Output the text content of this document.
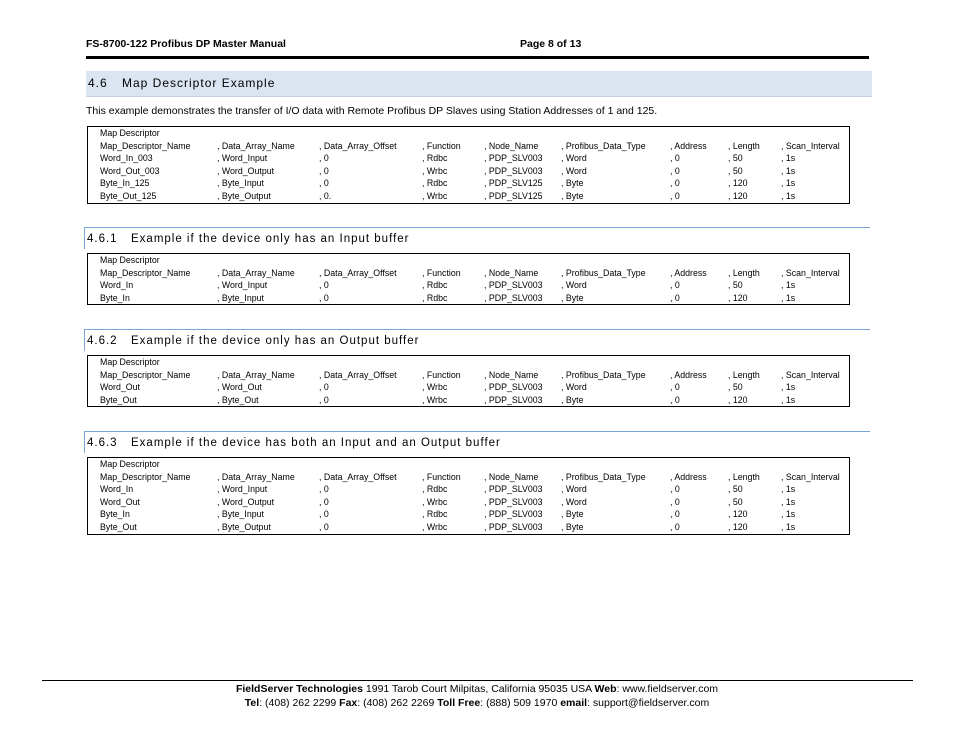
FS-8700-122 Profibus DP Master Manual	Page 8 of 13
4.6 Map Descriptor Example
This example demonstrates the transfer of I/O data with Remote Profibus DP Slaves using Station Addresses of 1 and 125.
Map Descriptor
Map_Descriptor_Name	, Data_Array_Name	, Data_Array_Offset	, Function	, Node_Name	, Profibus_Data_Type	, Address , Length , Scan_Interval
Word_In_003	, Word_Input	, 0	, Rdbc	, PDP_SLV003 , Word	, 0	, 50	, 1s
Word_Out_003	, Word_Output	, 0	, Wrbc	, PDP_SLV003 , Word	, 0	, 50	, 1s
Byte_In_125	, Byte_Input	, 0	, Rdbc	, PDP_SLV125 , Byte	, 0	, 120	, 1s
Byte_Out_125	, Byte_Output	, 0.	, Wrbc	, PDP_SLV125 , Byte	, 0	, 120	, 1s
4.6.1 Example if the device only has an Input buffer
Map Descriptor
Map_Descriptor_Name	, Data_Array_Name	, Data_Array_Offset	, Function	, Node_Name	, Profibus_Data_Type	, Address , Length , Scan_Interval
Word_In	, Word_Input	, 0	, Rdbc	, PDP_SLV003 , Word	, 0	, 50	, 1s
Byte_In	, Byte_Input	, 0	, Rdbc	, PDP_SLV003 , Byte	, 0	, 120	, 1s
4.6.2 Example if the device only has an Output buffer
Map Descriptor
Map_Descriptor_Name	, Data_Array_Name	, Data_Array_Offset	, Function	, Node_Name	, Profibus_Data_Type	, Address , Length , Scan_Interval
Word_Out	, Word_Out	, 0	, Wrbc	, PDP_SLV003 , Word	, 0	, 50	, 1s
Byte_Out	, Byte_Out	, 0	, Wrbc	, PDP_SLV003 , Byte	, 0	, 120	, 1s
4.6.3 Example if the device has both an Input and an Output buffer
Map Descriptor
Map_Descriptor_Name	, Data_Array_Name	, Data_Array_Offset	, Function	, Node_Name	, Profibus_Data_Type	, Address , Length , Scan_Interval
Word_In	, Word_Input	, 0	, Rdbc	, PDP_SLV003 , Word	, 0	, 50	, 1s
Word_Out	, Word_Output	, 0	, Wrbc	, PDP_SLV003 , Word	, 0	, 50	, 1s
Byte_In	, Byte_Input	, 0	, Rdbc	, PDP_SLV003 , Byte	, 0	, 120	, 1s
Byte_Out	, Byte_Output	, 0	, Wrbc	, PDP_SLV003 , Byte	, 0	, 120	, 1s
FieldServer Technologies 1991 Tarob Court Milpitas, California 95035 USA Web: www.fieldserver.com
Tel: (408) 262 2299 Fax: (408) 262 2269 Toll Free: (888) 509 1970 email: support@fieldserver.com
